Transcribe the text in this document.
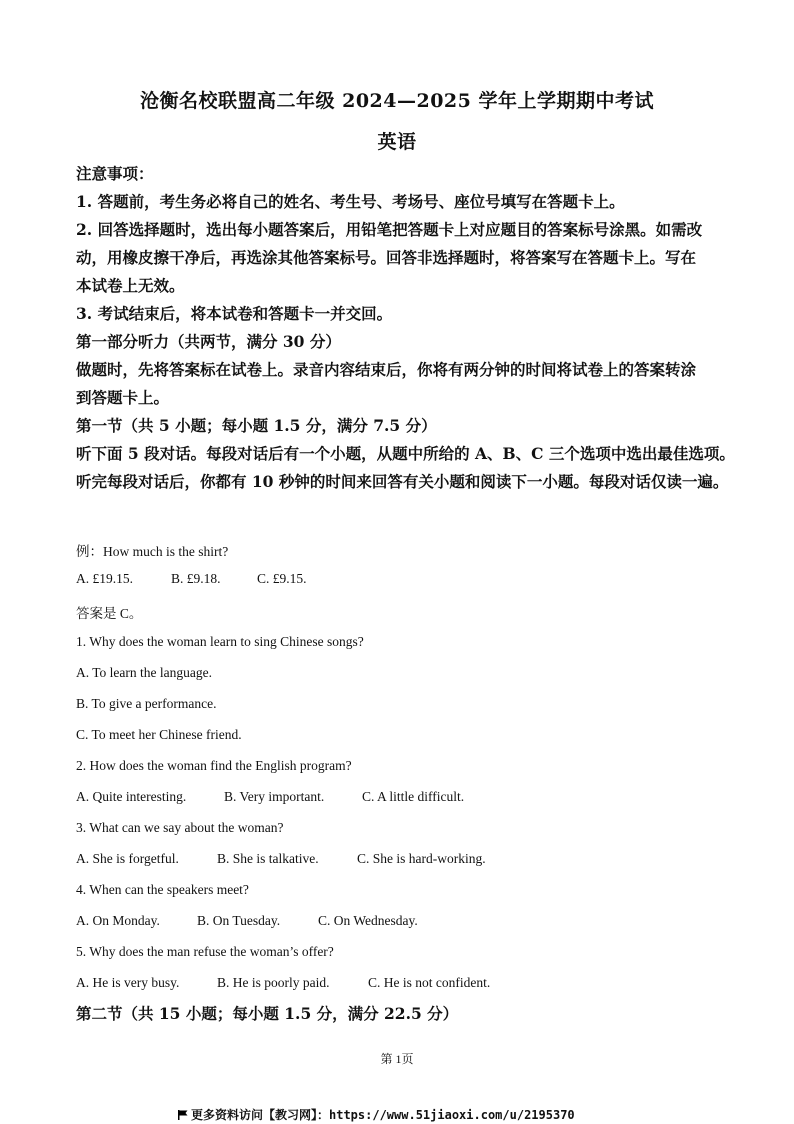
沧衡名校联盟高二年级 2024—2025 学年上学期期中考试
英语
注意事项：
1. 答题前，考生务必将自己的姓名、考生号、考场号、座位号填写在答题卡上。
2. 回答选择题时，选出每小题答案后，用铅笔把答题卡上对应题目的答案标号涂黑。如需改
动，用橡皮擦干净后，再选涂其他答案标号。回答非选择题时，将答案写在答题卡上。写在
本试卷上无效。
3. 考试结束后，将本试卷和答题卡一并交回。
第一部分听力（共两节，满分 30 分）
做题时，先将答案标在试卷上。录音内容结束后，你将有两分钟的时间将试卷上的答案转涂
到答题卡上。
第一节（共 5 小题；每小题 1.5 分，满分 7.5 分）
听下面 5 段对话。每段对话后有一个小题，从题中所给的 A、B、C 三个选项中选出最佳选项。
听完每段对话后，你都有 10 秒钟的时间来回答有关小题和阅读下一小题。每段对话仅读一遍。
例：How much is the shirt?
A. £19.15.	B. £9.18.	C. £9.15.
答案是 C。
1. Why does the woman learn to sing Chinese songs?
A. To learn the language.
B. To give a performance.
C. To meet her Chinese friend.
2. How does the woman find the English program?
A. Quite interesting.	B. Very important.	C. A little difficult.
3. What can we say about the woman?
A. She is forgetful.	B. She is talkative.	C. She is hard-working.
4. When can the speakers meet?
A. On Monday.	B. On Tuesday.	C. On Wednesday.
5. Why does the man refuse the woman’s offer?
A. He is very busy.	B. He is poorly paid.	C. He is not confident.
第二节（共 15 小题；每小题 1.5 分，满分 22.5 分）
第 1页
更多资料访问【教习网】：https://www.51jiaoxi.com/u/2195370
